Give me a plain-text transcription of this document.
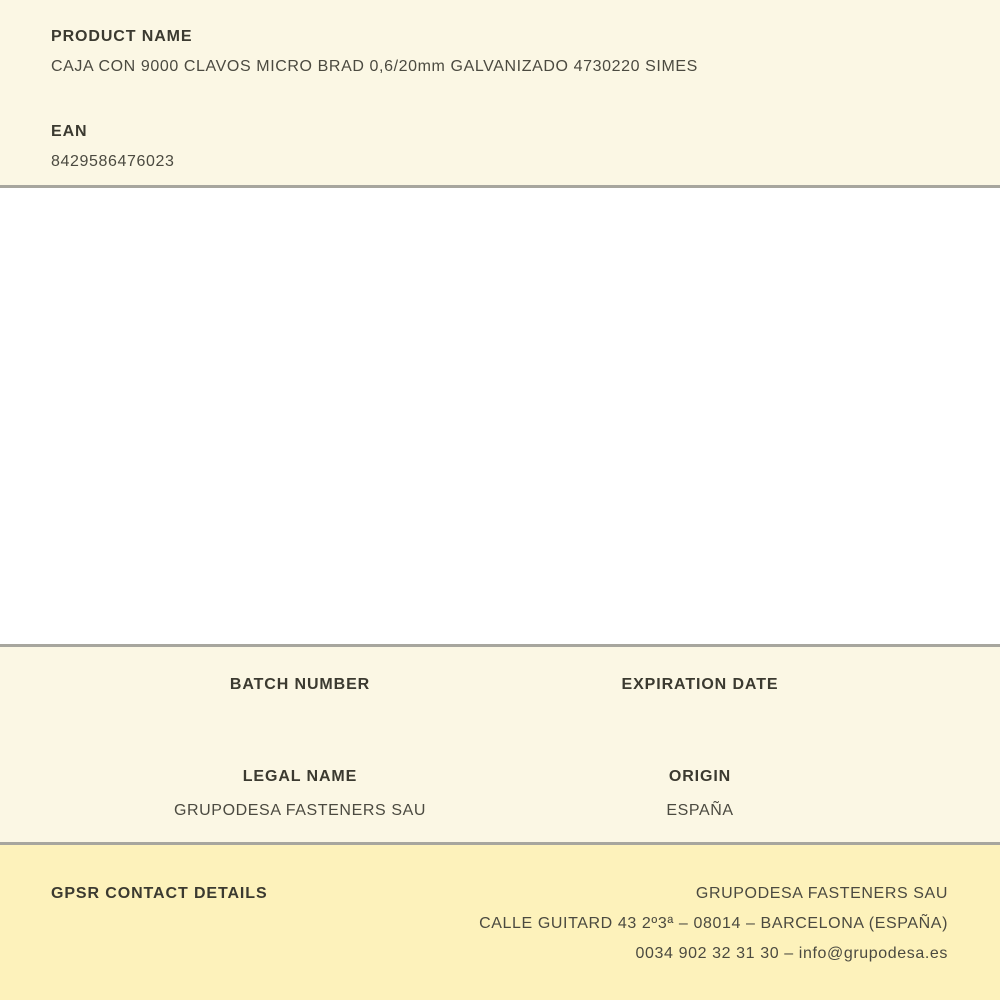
PRODUCT NAME
CAJA CON 9000 CLAVOS MICRO BRAD 0,6/20mm GALVANIZADO 4730220 SIMES
EAN
8429586476023
BATCH NUMBER	EXPIRATION DATE
LEGAL NAME	ORIGIN
GRUPODESA FASTENERS SAU	ESPAÑA
GPSR CONTACT DETAILS	GRUPODESA FASTENERS SAU
CALLE GUITARD 43 2º3ª – 08014 – BARCELONA (ESPAÑA)
0034 902 32 31 30 – info@grupodesa.es
